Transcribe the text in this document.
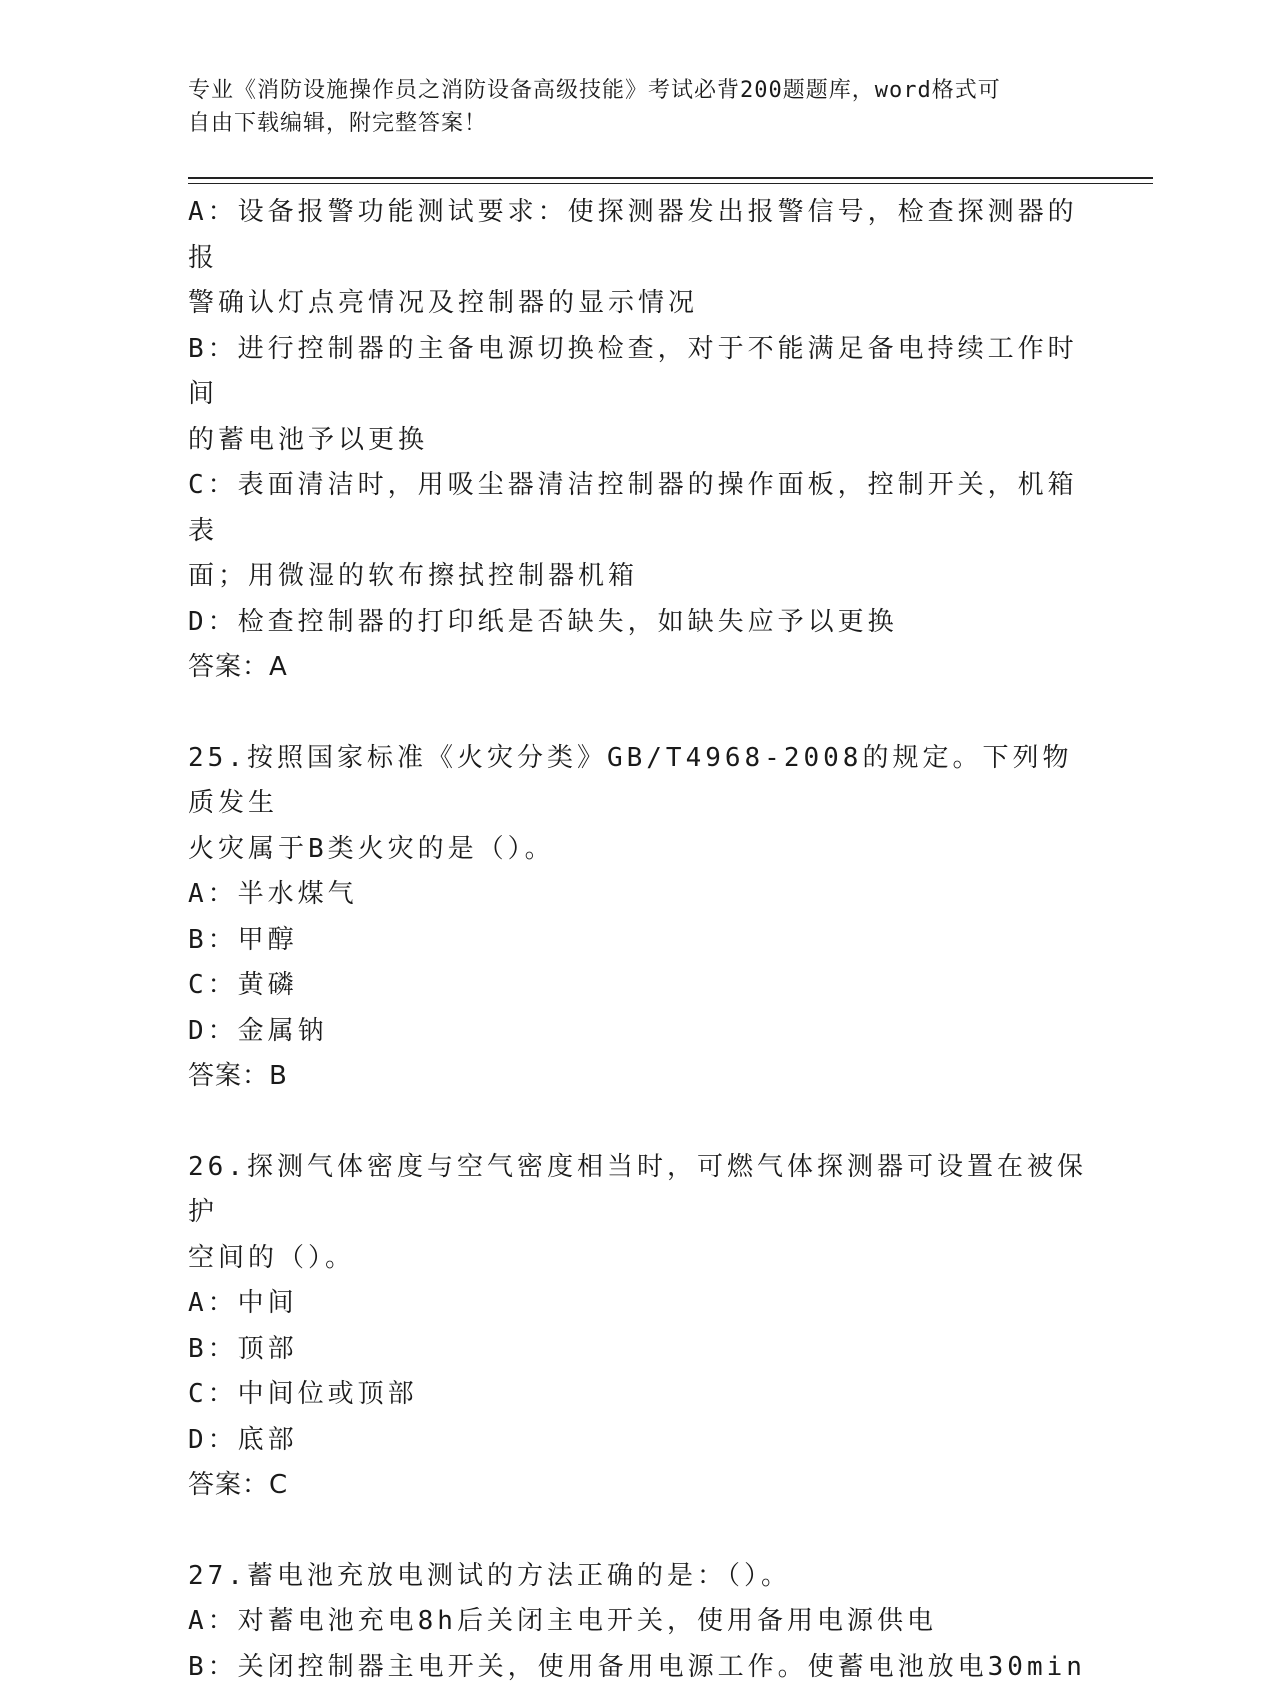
专业《消防设施操作员之消防设备高级技能》考试必背200题题库，word格式可
自由下载编辑，附完整答案！
A：设备报警功能测试要求：使探测器发出报警信号，检查探测器的报
警确认灯点亮情况及控制器的显示情况
B：进行控制器的主备电源切换检查，对于不能满足备电持续工作时间
的蓄电池予以更换
C：表面清洁时，用吸尘器清洁控制器的操作面板，控制开关，机箱表
面；用微湿的软布擦拭控制器机箱
D：检查控制器的打印纸是否缺失，如缺失应予以更换
答案：A
25.按照国家标准《火灾分类》GB/T4968-2008的规定。下列物质发生
火灾属于B类火灾的是（）。
A：半水煤气
B：甲醇
C：黄磷
D：金属钠
答案：B
26.探测气体密度与空气密度相当时，可燃气体探测器可设置在被保护
空间的（）。
A：中间
B：顶部
C：中间位或顶部
D：底部
答案：C
27.蓄电池充放电测试的方法正确的是：（）。
A：对蓄电池充电8h后关闭主电开关，使用备用电源供电
B：关闭控制器主电开关，使用备用电源工作。使蓄电池放电30min
